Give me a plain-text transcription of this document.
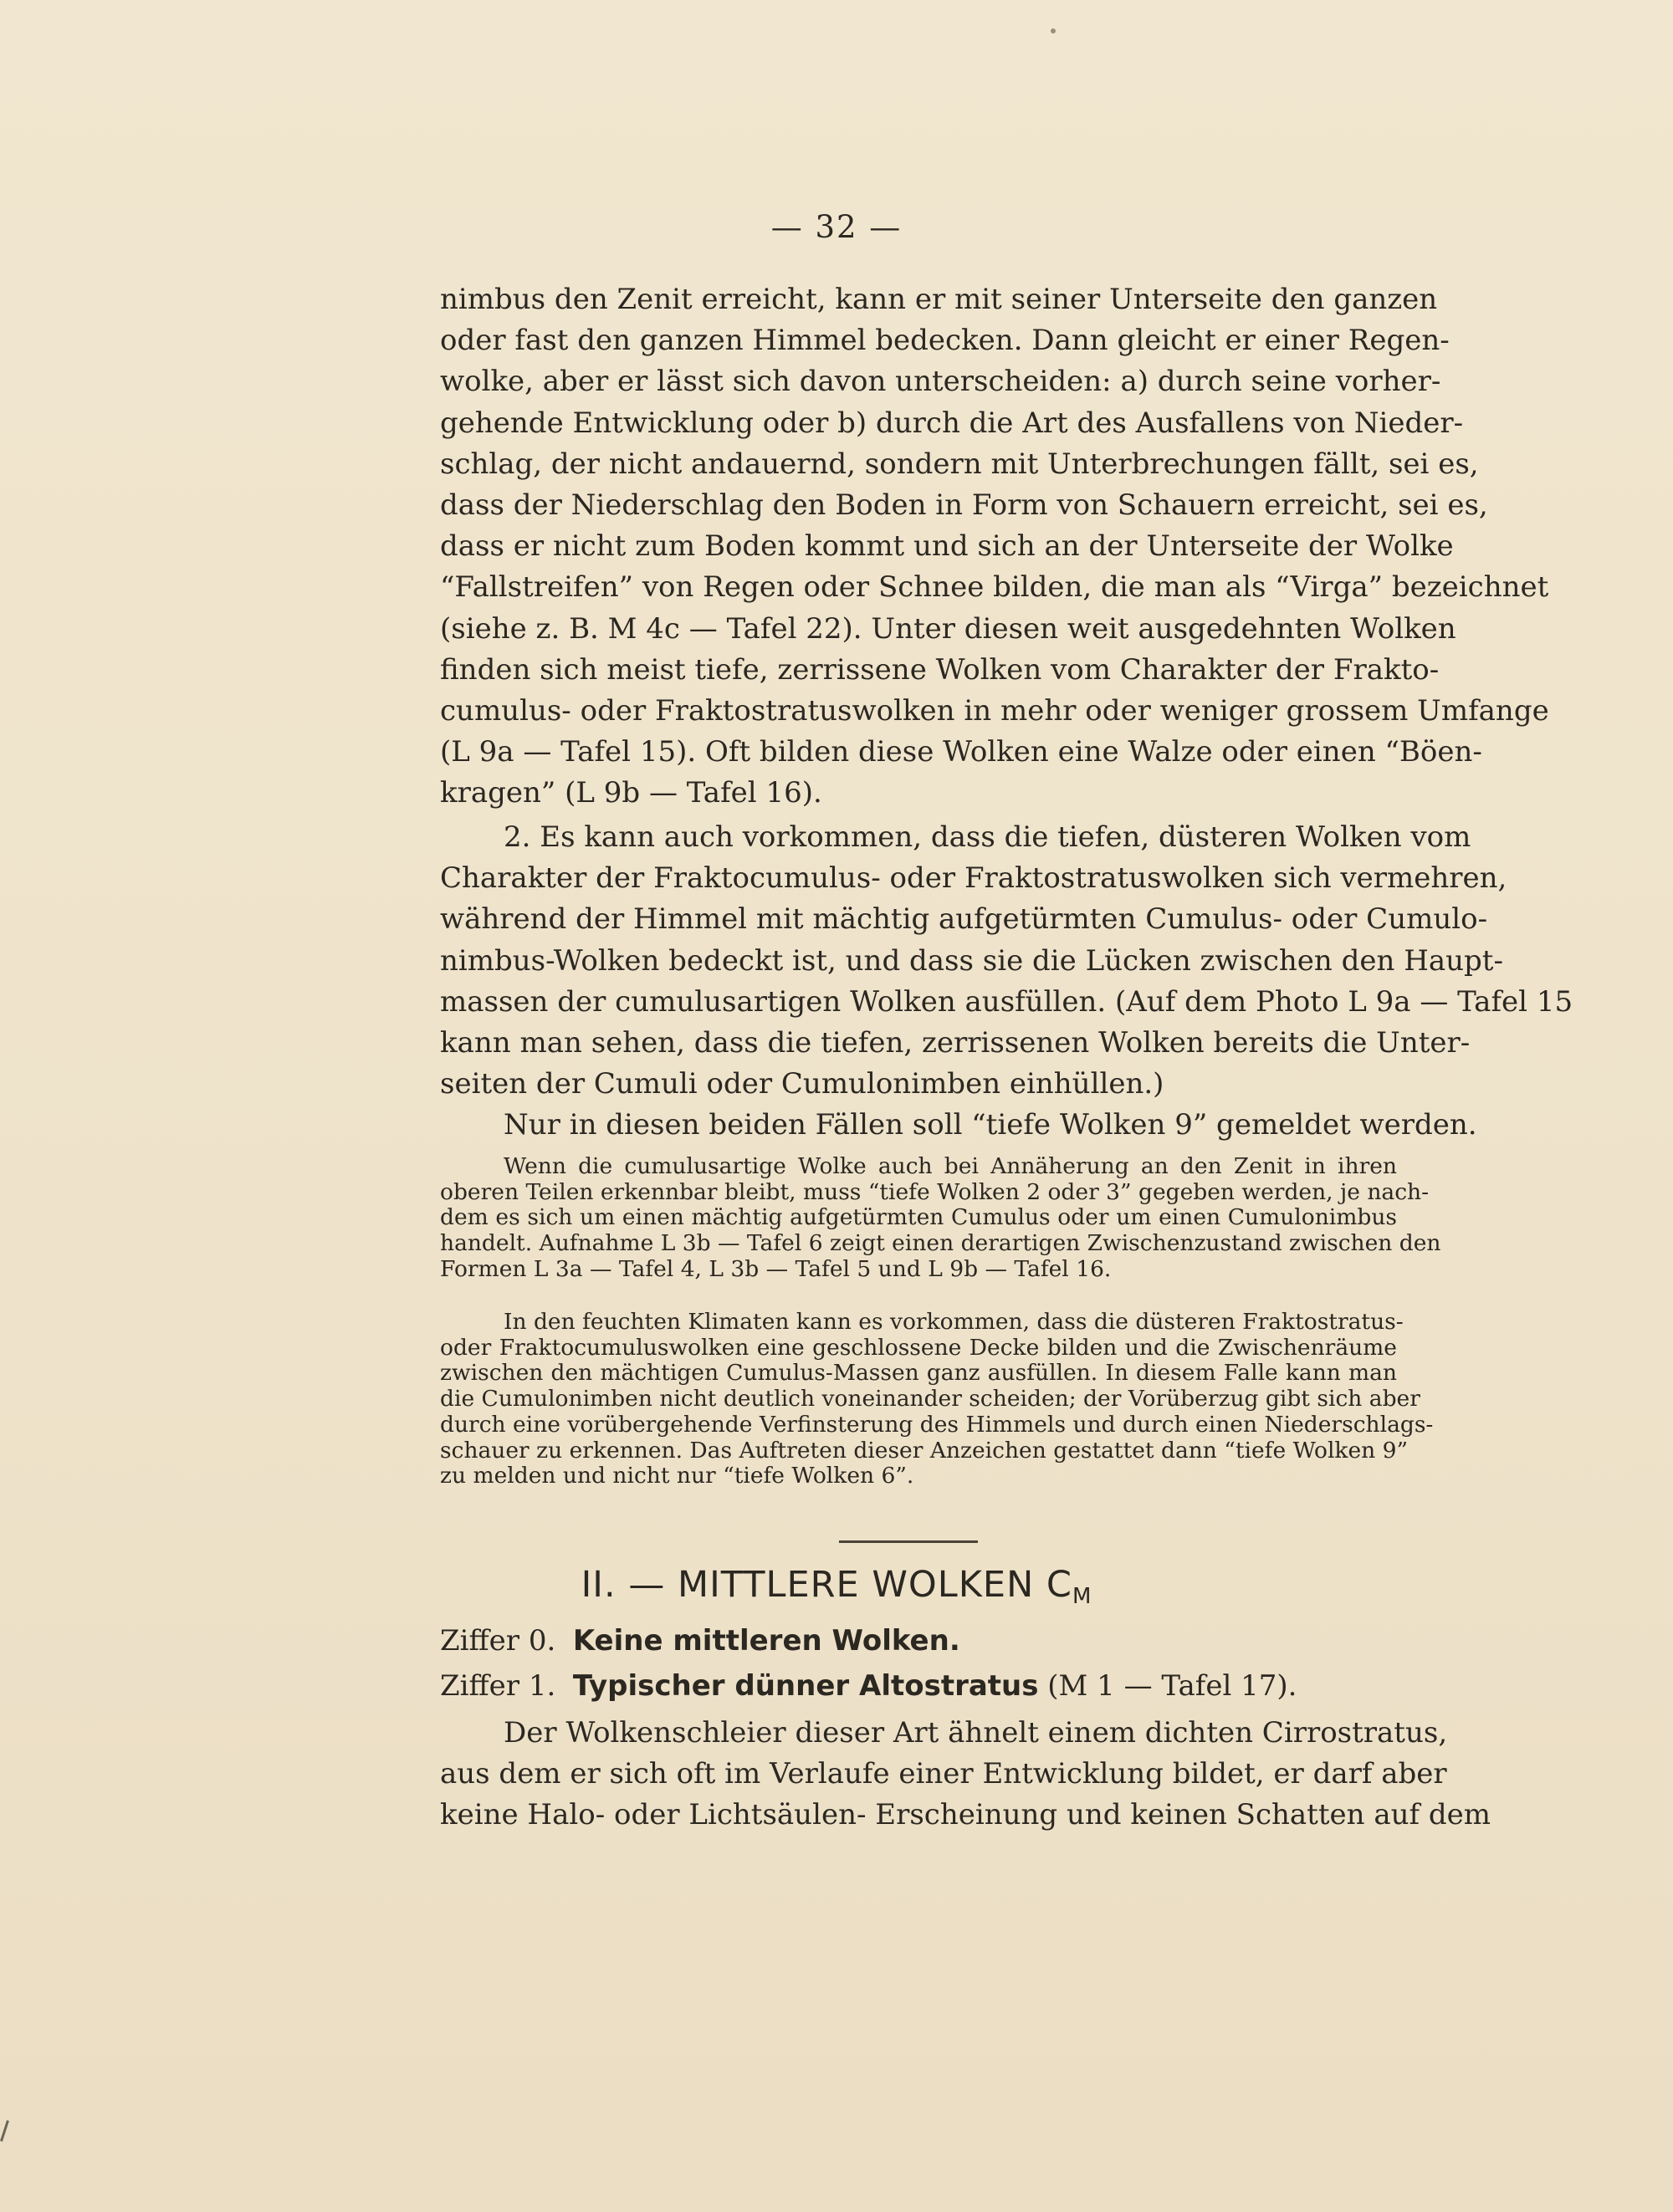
— 32 —
nimbus den Zenit erreicht, kann er mit seiner Unterseite den ganzen
oder fast den ganzen Himmel bedecken. Dann gleicht er einer Regen-
wolke, aber er lässt sich davon unterscheiden: a) durch seine vorher-
gehende Entwicklung oder b) durch die Art des Ausfallens von Nieder-
schlag, der nicht andauernd, sondern mit Unterbrechungen fällt, sei es,
dass der Niederschlag den Boden in Form von Schauern erreicht, sei es,
dass er nicht zum Boden kommt und sich an der Unterseite der Wolke
“Fallstreifen” von Regen oder Schnee bilden, die man als “Virga” bezeichnet
(siehe z. B. M 4c — Tafel 22). Unter diesen weit ausgedehnten Wolken
finden sich meist tiefe, zerrissene Wolken vom Charakter der Frakto-
cumulus- oder Fraktostratuswolken in mehr oder weniger grossem Umfange
(L 9a — Tafel 15). Oft bilden diese Wolken eine Walze oder einen “Böen-
kragen” (L 9b — Tafel 16).
2. Es kann auch vorkommen, dass die tiefen, düsteren Wolken vom
Charakter der Fraktocumulus- oder Fraktostratuswolken sich vermehren,
während der Himmel mit mächtig aufgetürmten Cumulus- oder Cumulo-
nimbus-Wolken bedeckt ist, und dass sie die Lücken zwischen den Haupt-
massen der cumulusartigen Wolken ausfüllen. (Auf dem Photo L 9a — Tafel 15
kann man sehen, dass die tiefen, zerrissenen Wolken bereits die Unter-
seiten der Cumuli oder Cumulonimben einhüllen.)
Nur in diesen beiden Fällen soll “tiefe Wolken 9” gemeldet werden.
Wenn die cumulusartige Wolke auch bei Annäherung an den Zenit in ihren
oberen Teilen erkennbar bleibt, muss “tiefe Wolken 2 oder 3” gegeben werden, je nach-
dem es sich um einen mächtig aufgetürmten Cumulus oder um einen Cumulonimbus
handelt. Aufnahme L 3b — Tafel 6 zeigt einen derartigen Zwischenzustand zwischen den
Formen L 3a — Tafel 4, L 3b — Tafel 5 und L 9b — Tafel 16.
In den feuchten Klimaten kann es vorkommen, dass die düsteren Fraktostratus-
oder Fraktocumuluswolken eine geschlossene Decke bilden und die Zwischenräume
zwischen den mächtigen Cumulus-Massen ganz ausfüllen. In diesem Falle kann man
die Cumulonimben nicht deutlich voneinander scheiden; der Vorüberzug gibt sich aber
durch eine vorübergehende Verfinsterung des Himmels und durch einen Niederschlags-
schauer zu erkennen. Das Auftreten dieser Anzeichen gestattet dann “tiefe Wolken 9”
zu melden und nicht nur “tiefe Wolken 6”.
II. — MITTLERE WOLKEN $C_M$
Ziffer 0. Keine mittleren Wolken.
Ziffer 1. Typischer dünner Altostratus (M 1 — Tafel 17).
Der Wolkenschleier dieser Art ähnelt einem dichten Cirrostratus,
aus dem er sich oft im Verlaufe einer Entwicklung bildet, er darf aber
keine Halo- oder Lichtsäulen- Erscheinung und keinen Schatten auf dem
